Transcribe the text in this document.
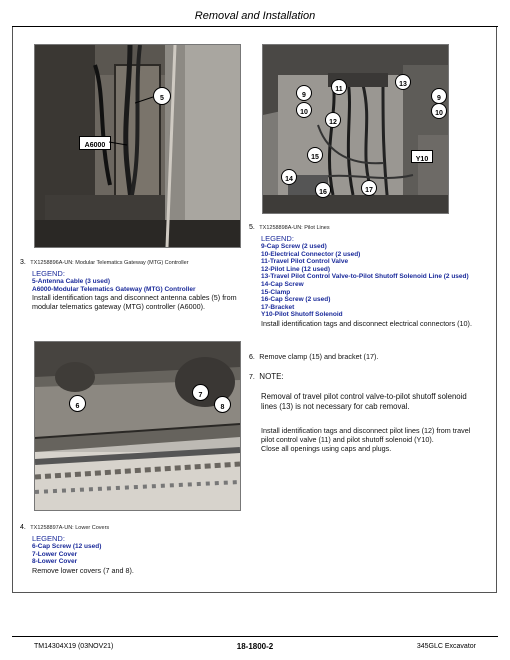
Removal and Installation
5
A6000
9
10
11
13
9
10
12
15
14
16	17
Y10
7
6	8
3. TX1258896A-UN: Modular Telematics Gateway (MTG) Controller
LEGEND:
5-Antenna Cable (3 used)
A6000-Modular Telematics Gateway (MTG) Controller
Install identification tags and disconnect antenna cables (5) from modular telematics gateway (MTG) controller (A6000).
4. TX1258897A-UN: Lower Covers
LEGEND:
6-Cap Screw (12 used)
7-Lower Cover
8-Lower Cover
Remove lower covers (7 and 8).
5. TX1258898A-UN: Pilot Lines
LEGEND:
9-Cap Screw (2 used)
10-Electrical Connector (2 used)
11-Travel Pilot Control Valve
12-Pilot Line (12 used)
13-Travel Pilot Control Valve-to-Pilot Shutoff Solenoid Line (2 used)
14-Cap Screw
15-Clamp
16-Cap Screw (2 used)
17-Bracket
Y10-Pilot Shutoff Solenoid
Install identification tags and disconnect electrical connectors (10).
6. Remove clamp (15) and bracket (17).
7. NOTE:
Removal of travel pilot control valve-to-pilot shutoff solenoid lines (13) is not necessary for cab removal.
Install identification tags and disconnect pilot lines (12) from travel pilot control valve (11) and pilot shutoff solenoid (Y10).
Close all openings using caps and plugs.
TM14304X19 (03NOV21)	18-1800-2	345GLC Excavator
